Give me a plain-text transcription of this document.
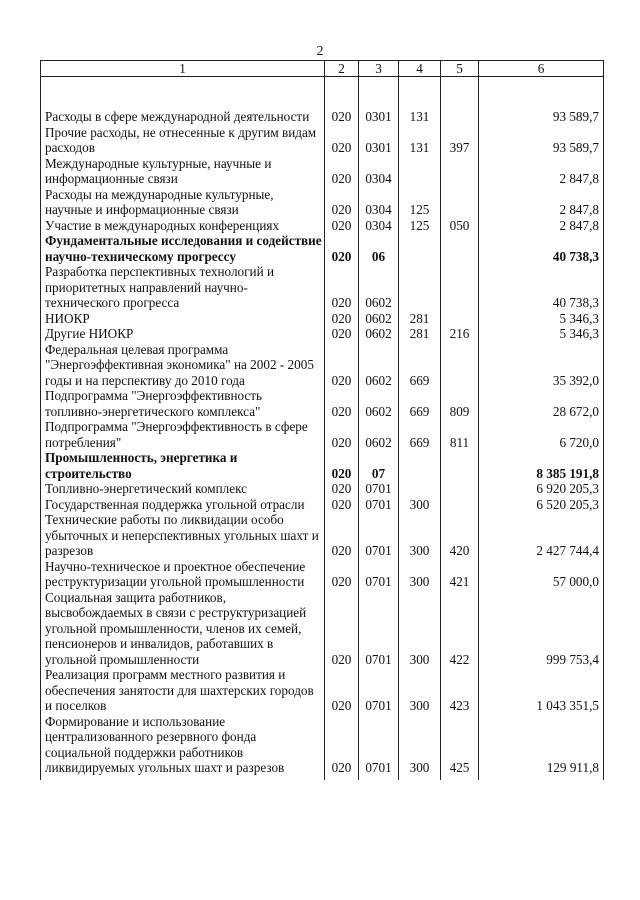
2
1	2	3	4	5	6

Расходы в сфере международной деятельности	020	0301	131		93 589,7
Прочие расходы, не отнесенные к другим видам расходов	020	0301	131	397	93 589,7
Международные культурные, научные и информационные связи	020	0304			2 847,8
Расходы на международные культурные, научные и информационные связи	020	0304	125		2 847,8
Участие в международных конференциях	020	0304	125	050	2 847,8
Фундаментальные исследования и содействие научно-техническому прогрессу	020	06			40 738,3
Разработка перспективных технологий и приоритетных направлений научно-технического прогресса	020	0602			40 738,3
НИОКР	020	0602	281		5 346,3
Другие НИОКР	020	0602	281	216	5 346,3
Федеральная целевая программа "Энергоэффективная экономика" на 2002 - 2005 годы и на перспективу до 2010 года	020	0602	669		35 392,0
Подпрограмма "Энергоэффективность топливно-энергетического комплекса"	020	0602	669	809	28 672,0
Подпрограмма "Энергоэффективность в сфере потребления"	020	0602	669	811	6 720,0
Промышленность, энергетика и строительство	020	07			8 385 191,8
Топливно-энергетический комплекс	020	0701			6 920 205,3
Государственная поддержка угольной отрасли	020	0701	300		6 520 205,3
Технические работы по ликвидации особо убыточных и неперспективных угольных шахт и разрезов	020	0701	300	420	2 427 744,4
Научно-техническое и проектное обеспечение реструктуризации угольной промышленности	020	0701	300	421	57 000,0
Социальная защита работников, высвобождаемых в связи с реструктуризацией угольной промышленности, членов их семей, пенсионеров и инвалидов, работавших в угольной промышленности	020	0701	300	422	999 753,4
Реализация программ местного развития и обеспечения занятости для шахтерских городов и поселков	020	0701	300	423	1 043 351,5
Формирование и использование централизованного резервного фонда социальной поддержки работников ликвидируемых угольных шахт и разрезов	020	0701	300	425	129 911,8
